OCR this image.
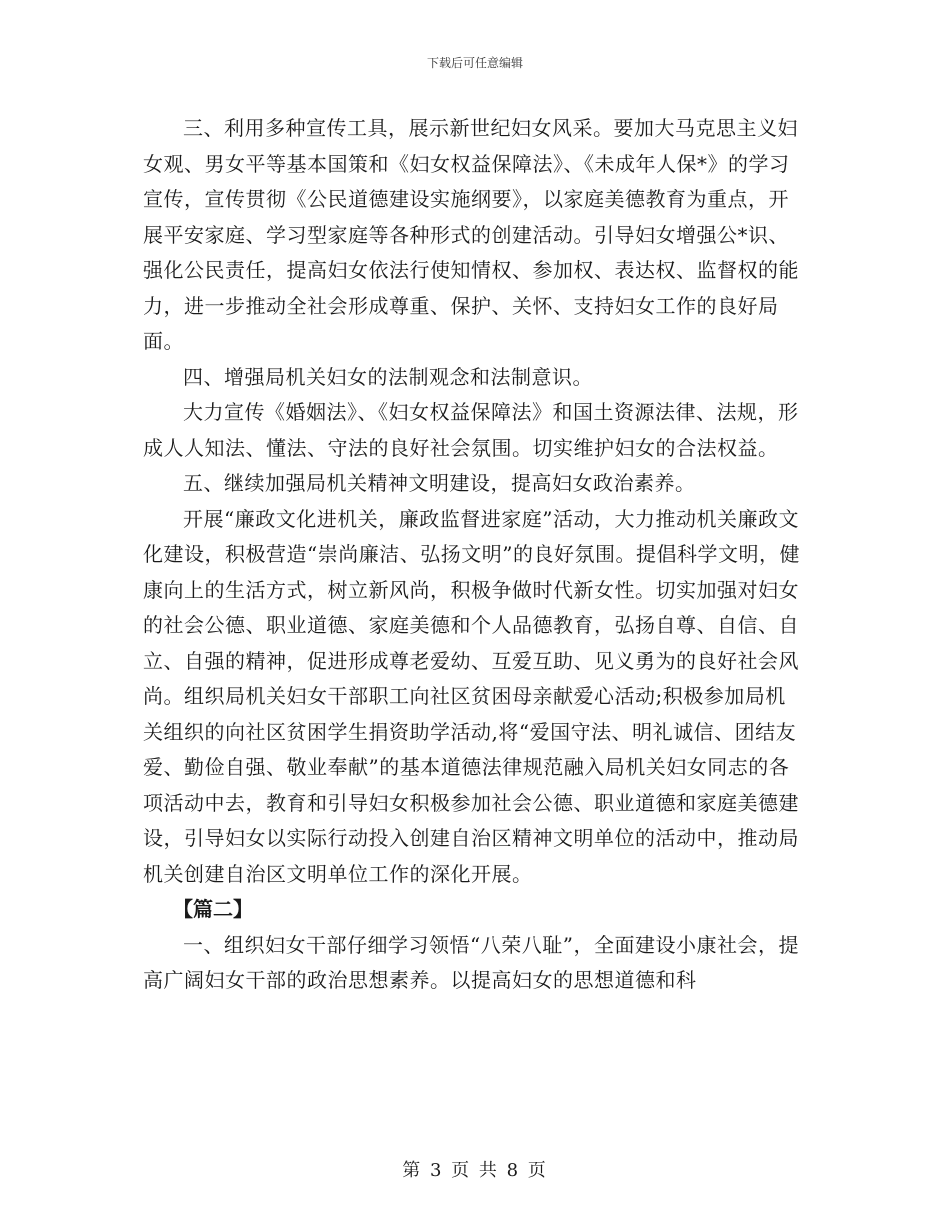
下载后可任意编辑

三、利用多种宣传工具，展示新世纪妇女风采。要加大马克思主义妇女观、男女平等基本国策和《妇女权益保障法》、《未成年人保*》的学习宣传，宣传贯彻《公民道德建设实施纲要》，以家庭美德教育为重点，开展平安家庭、学习型家庭等各种形式的创建活动。引导妇女增强公*识、强化公民责任，提高妇女依法行使知情权、参加权、表达权、监督权的能力，进一步推动全社会形成尊重、保护、关怀、支持妇女工作的良好局面。

四、增强局机关妇女的法制观念和法制意识。

大力宣传《婚姻法》、《妇女权益保障法》和国土资源法律、法规，形成人人知法、懂法、守法的良好社会氛围。切实维护妇女的合法权益。

五、继续加强局机关精神文明建设，提高妇女政治素养。

开展“廉政文化进机关，廉政监督进家庭”活动，大力推动机关廉政文化建设，积极营造“崇尚廉洁、弘扬文明”的良好氛围。提倡科学文明，健康向上的生活方式，树立新风尚，积极争做时代新女性。切实加强对妇女的社会公德、职业道德、家庭美德和个人品德教育，弘扬自尊、自信、自立、自强的精神，促进形成尊老爱幼、互爱互助、见义勇为的良好社会风尚。组织局机关妇女干部职工向社区贫困母亲献爱心活动;积极参加局机关组织的向社区贫困学生捐资助学活动,将“爱国守法、明礼诚信、团结友爱、勤俭自强、敬业奉献”的基本道德法律规范融入局机关妇女同志的各项活动中去，教育和引导妇女积极参加社会公德、职业道德和家庭美德建设，引导妇女以实际行动投入创建自治区精神文明单位的活动中，推动局机关创建自治区文明单位工作的深化开展。

【篇二】

一、组织妇女干部仔细学习领悟“八荣八耻”，全面建设小康社会，提高广阔妇女干部的政治思想素养。以提高妇女的思想道德和科

第 3 页 共 8 页
